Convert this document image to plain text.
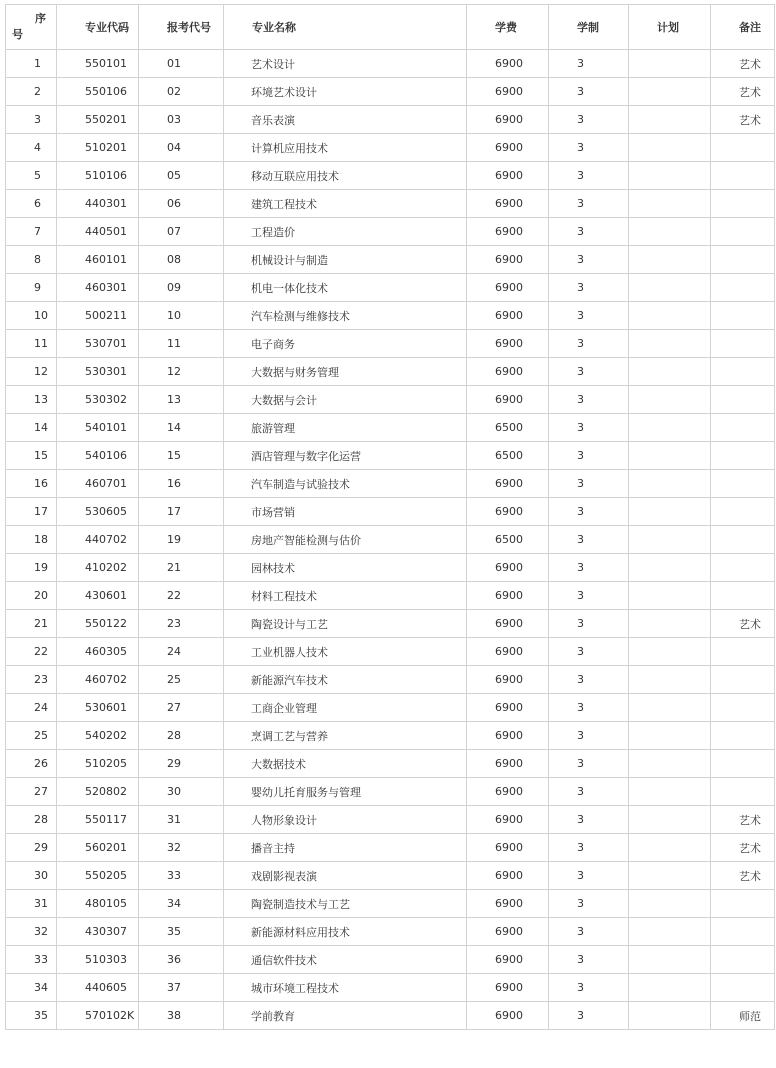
序
号	专业代码	报考代号	专业名称	学费	学制	计划	备注
1	550101	01	艺术设计	6900	3		艺术
2	550106	02	环境艺术设计	6900	3		艺术
3	550201	03	音乐表演	6900	3		艺术
4	510201	04	计算机应用技术	6900	3		
5	510106	05	移动互联应用技术	6900	3		
6	440301	06	建筑工程技术	6900	3		
7	440501	07	工程造价	6900	3		
8	460101	08	机械设计与制造	6900	3		
9	460301	09	机电一体化技术	6900	3		
10	500211	10	汽车检测与维修技术	6900	3		
11	530701	11	电子商务	6900	3		
12	530301	12	大数据与财务管理	6900	3		
13	530302	13	大数据与会计	6900	3		
14	540101	14	旅游管理	6500	3		
15	540106	15	酒店管理与数字化运营	6500	3		
16	460701	16	汽车制造与试验技术	6900	3		
17	530605	17	市场营销	6900	3		
18	440702	19	房地产智能检测与估价	6500	3		
19	410202	21	园林技术	6900	3		
20	430601	22	材料工程技术	6900	3		
21	550122	23	陶瓷设计与工艺	6900	3		艺术
22	460305	24	工业机器人技术	6900	3		
23	460702	25	新能源汽车技术	6900	3		
24	530601	27	工商企业管理	6900	3		
25	540202	28	烹调工艺与营养	6900	3		
26	510205	29	大数据技术	6900	3		
27	520802	30	婴幼儿托育服务与管理	6900	3		
28	550117	31	人物形象设计	6900	3		艺术
29	560201	32	播音主持	6900	3		艺术
30	550205	33	戏剧影视表演	6900	3		艺术
31	480105	34	陶瓷制造技术与工艺	6900	3		
32	430307	35	新能源材料应用技术	6900	3		
33	510303	36	通信软件技术	6900	3		
34	440605	37	城市环境工程技术	6900	3		
35	570102K	38	学前教育	6900	3		师范
